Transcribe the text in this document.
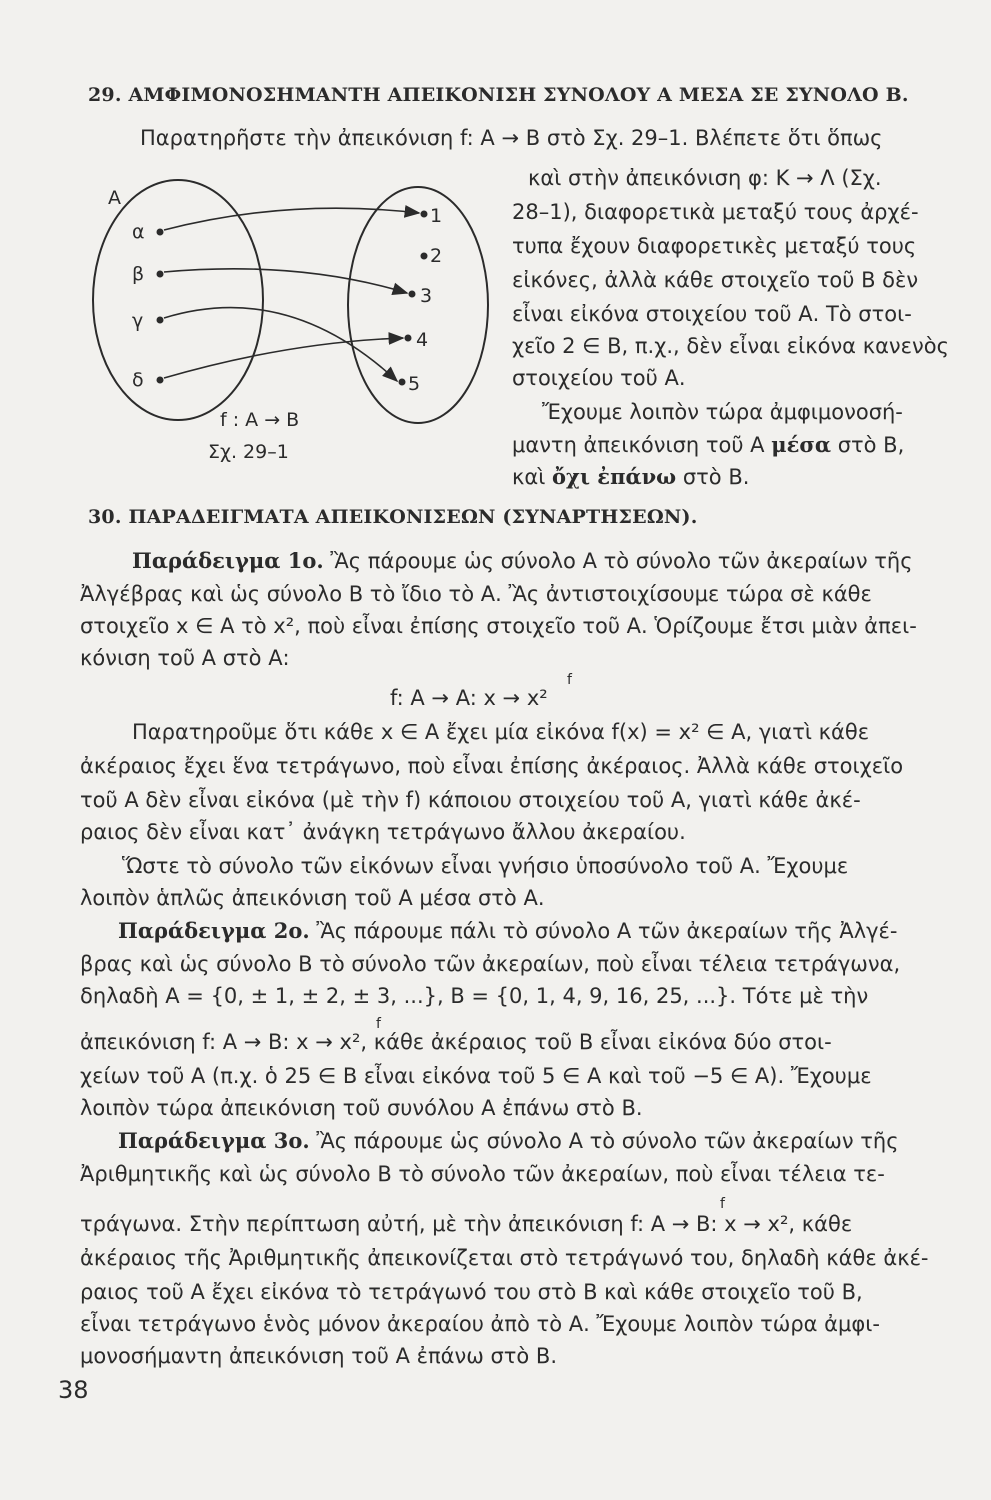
29. ΑΜΦΙΜΟΝΟΣΗΜΑΝΤΗ ΑΠΕΙΚΟΝΙΣΗ ΣΥΝΟΛΟΥ Α ΜΕΣΑ ΣΕ ΣΥΝΟΛΟ Β.
Παρατηρῆστε τὴν ἀπεικόνιση f: A → B στὸ Σχ. 29–1. Βλέπετε ὅτι ὅπως
καὶ στὴν ἀπεικόνιση φ: Κ → Λ (Σχ.
28–1), διαφορετικὰ μεταξύ τους ἀρχέ-
τυπα ἔχουν διαφορετικὲς μεταξύ τους
εἰκόνες, ἀλλὰ κάθε στοιχεῖο τοῦ Β δὲν
εἶναι εἰκόνα στοιχείου τοῦ Α. Τὸ στοι-
χεῖο 2 ∈ Β, π.χ., δὲν εἶναι εἰκόνα κανενὸς
στοιχείου τοῦ Α.
Ἔχουμε λοιπὸν τώρα ἀμφιμονοσή-
μαντη ἀπεικόνιση τοῦ Α μέσα στὸ Β,
καὶ ὄχι ἐπάνω στὸ Β.
A
α
β
γ
δ
1
2
3
4
5
f : A → B
Σχ. 29–1
30. ΠΑΡΑΔΕΙΓΜΑΤΑ ΑΠΕΙΚΟΝΙΣΕΩΝ (ΣΥΝΑΡΤΗΣΕΩΝ).
Παράδειγμα 1ο. Ἂς πάρουμε ὡς σύνολο Α τὸ σύνολο τῶν ἀκεραίων τῆς
Ἀλγέβρας καὶ ὡς σύνολο Β τὸ ἴδιο τὸ Α. Ἂς ἀντιστοιχίσουμε τώρα σὲ κάθε
στοιχεῖο x ∈ A τὸ x², ποὺ εἶναι ἐπίσης στοιχεῖο τοῦ Α. Ὁρίζουμε ἔτσι μιὰν ἀπει-
κόνιση τοῦ Α στὸ Α:
f
f: A → A: x → x²
Παρατηροῦμε ὅτι κάθε x ∈ A ἔχει μία εἰκόνα f(x) = x² ∈ A, γιατὶ κάθε
ἀκέραιος ἔχει ἕνα τετράγωνο, ποὺ εἶναι ἐπίσης ἀκέραιος. Ἀλλὰ κάθε στοιχεῖο
τοῦ Α δὲν εἶναι εἰκόνα (μὲ τὴν f) κάποιου στοιχείου τοῦ Α, γιατὶ κάθε ἀκέ-
ραιος δὲν εἶναι κατ᾽ ἀνάγκη τετράγωνο ἄλλου ἀκεραίου.
Ὥστε τὸ σύνολο τῶν εἰκόνων εἶναι γνήσιο ὑποσύνολο τοῦ Α. Ἔχουμε
λοιπὸν ἁπλῶς ἀπεικόνιση τοῦ Α μέσα στὸ Α.
Παράδειγμα 2ο. Ἂς πάρουμε πάλι τὸ σύνολο Α τῶν ἀκεραίων τῆς Ἀλγέ-
βρας καὶ ὡς σύνολο Β τὸ σύνολο τῶν ἀκεραίων, ποὺ εἶναι τέλεια τετράγωνα,
δηλαδὴ A = {0, ± 1, ± 2, ± 3, ...}, B = {0, 1, 4, 9, 16, 25, ...}. Τότε μὲ τὴν
f
ἀπεικόνιση f: A → B: x → x², κάθε ἀκέραιος τοῦ Β εἶναι εἰκόνα δύο στοι-
χείων τοῦ Α (π.χ. ὁ 25 ∈ B εἶναι εἰκόνα τοῦ 5 ∈ A καὶ τοῦ −5 ∈ A). Ἔχουμε
λοιπὸν τώρα ἀπεικόνιση τοῦ συνόλου Α ἐπάνω στὸ Β.
Παράδειγμα 3ο. Ἂς πάρουμε ὡς σύνολο Α τὸ σύνολο τῶν ἀκεραίων τῆς
Ἀριθμητικῆς καὶ ὡς σύνολο Β τὸ σύνολο τῶν ἀκεραίων, ποὺ εἶναι τέλεια τε-
f
τράγωνα. Στὴν περίπτωση αὐτή, μὲ τὴν ἀπεικόνιση f: A → B: x → x², κάθε
ἀκέραιος τῆς Ἀριθμητικῆς ἀπεικονίζεται στὸ τετράγωνό του, δηλαδὴ κάθε ἀκέ-
ραιος τοῦ Α ἔχει εἰκόνα τὸ τετράγωνό του στὸ Β καὶ κάθε στοιχεῖο τοῦ Β,
εἶναι τετράγωνο ἑνὸς μόνον ἀκεραίου ἀπὸ τὸ Α. Ἔχουμε λοιπὸν τώρα ἀμφι-
μονοσήμαντη ἀπεικόνιση τοῦ Α ἐπάνω στὸ Β.
38
